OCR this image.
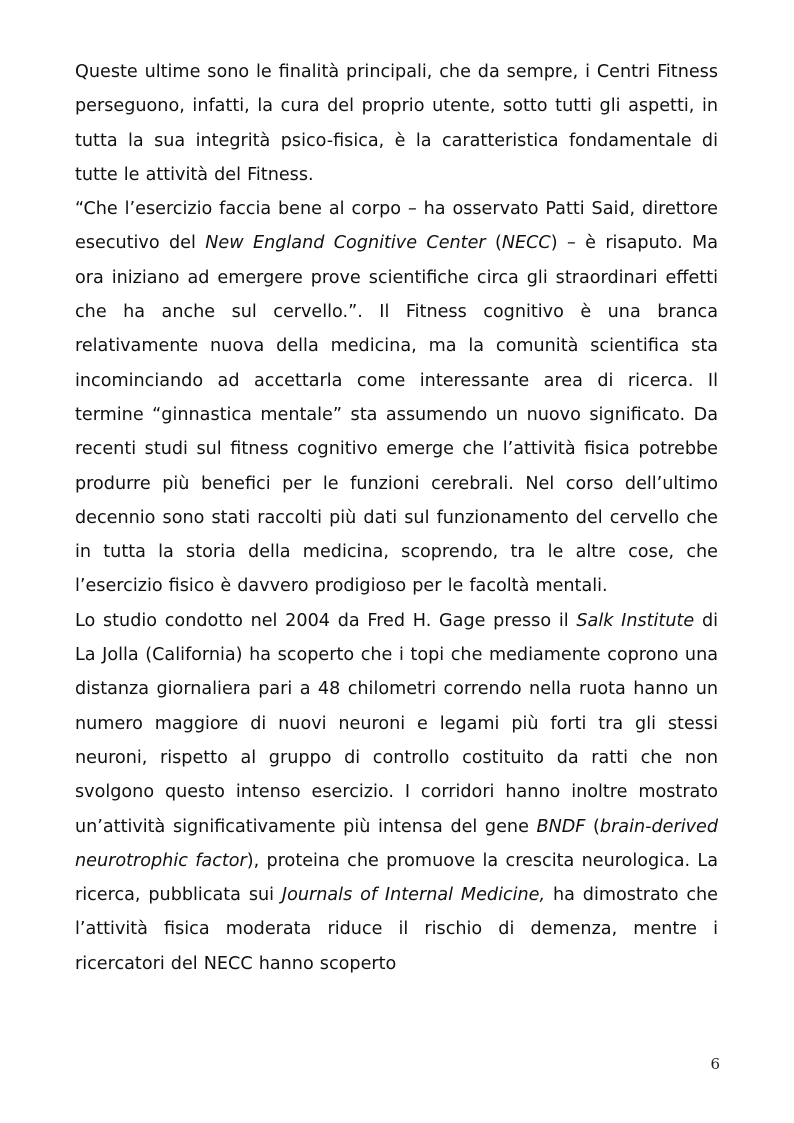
Queste ultime sono le finalità principali, che da sempre, i Centri Fitness perseguono, infatti, la cura del proprio utente, sotto tutti gli aspetti, in tutta la sua integrità psico-fisica, è la caratteristica fondamentale di tutte le attività del Fitness.

“Che l’esercizio faccia bene al corpo – ha osservato Patti Said, direttore esecutivo del New England Cognitive Center (NECC) – è risaputo. Ma ora iniziano ad emergere prove scientifiche circa gli straordinari effetti che ha anche sul cervello.”. Il Fitness cognitivo è una branca relativamente nuova della medicina, ma la comunità scientifica sta incominciando ad accettarla come interessante area di ricerca. Il termine “ginnastica mentale” sta assumendo un nuovo significato. Da recenti studi sul fitness cognitivo emerge che l’attività fisica potrebbe produrre più benefici per le funzioni cerebrali. Nel corso dell’ultimo decennio sono stati raccolti più dati sul funzionamento del cervello che in tutta la storia della medicina, scoprendo, tra le altre cose, che l’esercizio fisico è davvero prodigioso per le facoltà mentali.

Lo studio condotto nel 2004 da Fred H. Gage presso il Salk Institute di La Jolla (California) ha scoperto che i topi che mediamente coprono una distanza giornaliera pari a 48 chilometri correndo nella ruota hanno un numero maggiore di nuovi neuroni e legami più forti tra gli stessi neuroni, rispetto al gruppo di controllo costituito da ratti che non svolgono questo intenso esercizio. I corridori hanno inoltre mostrato un’attività significativamente più intensa del gene BNDF (brain-derived neurotrophic factor), proteina che promuove la crescita neurologica. La ricerca, pubblicata sui Journals of Internal Medicine, ha dimostrato che l’attività fisica moderata riduce il rischio di demenza, mentre i ricercatori del NECC hanno scoperto

6
